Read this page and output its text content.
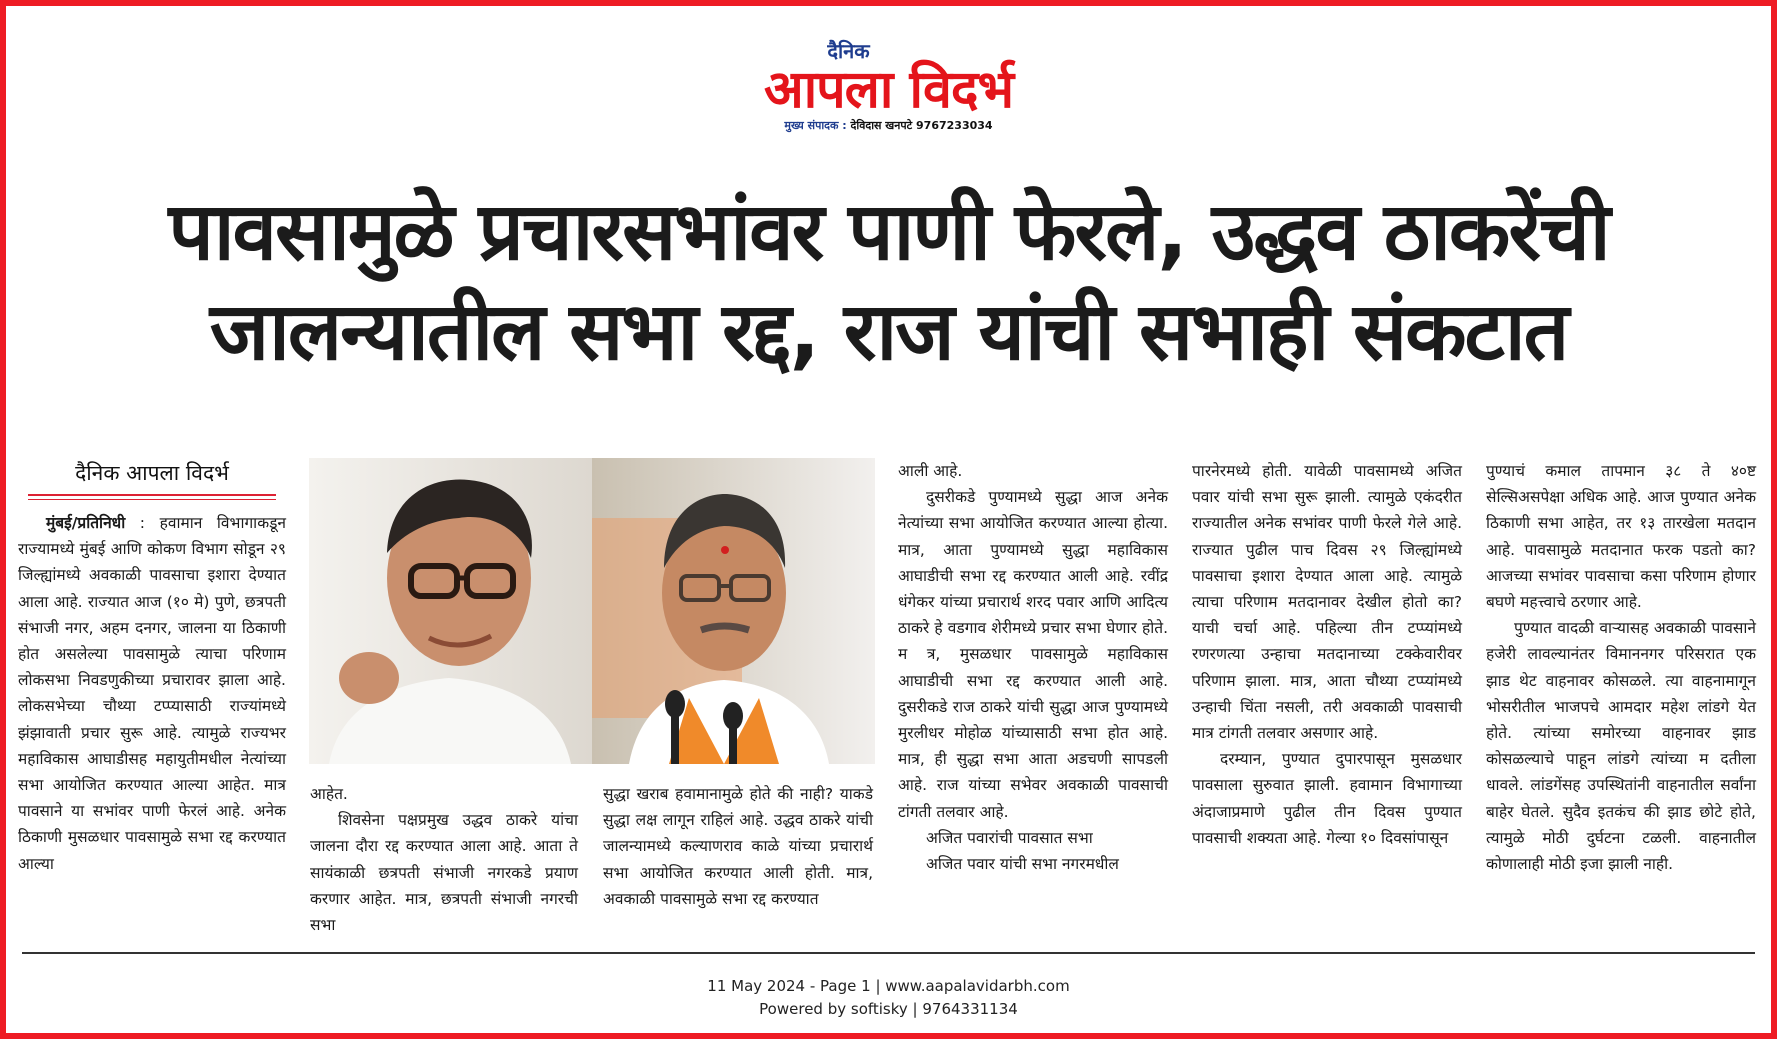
दैनिक
आपला विदर्भ
मुख्य संपादक : देविदास खनपटे 9767233034
पावसामुळे प्रचारसभांवर पाणी फेरले, उद्धव ठाकरेंची
जालन्यातील सभा रद्द, राज यांची सभाही संकटात
दैनिक आपला विदर्भ

मुंबई/प्रतिनिधी : हवामान विभागाकडून राज्यामध्ये मुंबई आणि कोकण विभाग सोडून २९ जिल्ह्यांमध्ये अवकाळी पावसाचा इशारा देण्यात आला आहे. राज्यात आज (१० मे) पुणे, छत्रपती संभाजी नगर, अहम दनगर, जालना या ठिकाणी होत असलेल्या पावसामुळे त्याचा परिणाम लोकसभा निवडणुकीच्या प्रचारावर झाला आहे. लोकसभेच्या चौथ्या टप्प्यासाठी राज्यांमध्ये झंझावाती प्रचार सुरू आहे. त्यामुळे राज्यभर महाविकास आघाडीसह महायुतीमधील नेत्यांच्या सभा आयोजित करण्यात आल्या आहेत. मात्र पावसाने या सभांवर पाणी फेरलं आहे. अनेक ठिकाणी मुसळधार पावसामुळे सभा रद्द करण्यात आल्या

आहेत.

शिवसेना पक्षप्रमुख उद्धव ठाकरे यांचा जालना दौरा रद्द करण्यात आला आहे. आता ते सायंकाळी छत्रपती संभाजी नगरकडे प्रयाण करणार आहेत. मात्र, छत्रपती संभाजी नगरची सभा

सुद्धा खराब हवामानामुळे होते की नाही? याकडे सुद्धा लक्ष लागून राहिलं आहे. उद्धव ठाकरे यांची जालन्यामध्ये कल्याणराव काळे यांच्या प्रचारार्थ सभा आयोजित करण्यात आली होती. मात्र, अवकाळी पावसामुळे सभा रद्द करण्यात

आली आहे.

दुसरीकडे पुण्यामध्ये सुद्धा आज अनेक नेत्यांच्या सभा आयोजित करण्यात आल्या होत्या. मात्र, आता पुण्यामध्ये सुद्धा महाविकास आघाडीची सभा रद्द करण्यात आली आहे. रवींद्र धंगेकर यांच्या प्रचारार्थ शरद पवार आणि आदित्य ठाकरे हे वडगाव शेरीमध्ये प्रचार सभा घेणार होते. म त्र, मुसळधार पावसामुळे महाविकास आघाडीची सभा रद्द करण्यात आली आहे. दुसरीकडे राज ठाकरे यांची सुद्धा आज पुण्यामध्ये मुरलीधर मोहोळ यांच्यासाठी सभा होत आहे. मात्र, ही सुद्धा सभा आता अडचणी सापडली आहे. राज यांच्या सभेवर अवकाळी पावसाची टांगती तलवार आहे.

अजित पवारांची पावसात सभा

अजित पवार यांची सभा नगरमधील

पारनेरमध्ये होती. यावेळी पावसामध्ये अजित पवार यांची सभा सुरू झाली. त्यामुळे एकंदरीत राज्यातील अनेक सभांवर पाणी फेरले गेले आहे. राज्यात पुढील पाच दिवस २९ जिल्ह्यांमध्ये पावसाचा इशारा देण्यात आला आहे. त्यामुळे त्याचा परिणाम मतदानावर देखील होतो का? याची चर्चा आहे. पहिल्या तीन टप्प्यांमध्ये रणरणत्या उन्हाचा मतदानाच्या टक्केवारीवर परिणाम झाला. मात्र, आता चौथ्या टप्प्यांमध्ये उन्हाची चिंता नसली, तरी अवकाळी पावसाची मात्र टांगती तलवार असणार आहे.

दरम्यान, पुण्यात दुपारपासून मुसळधार पावसाला सुरुवात झाली. हवामान विभागाच्या अंदाजाप्रमाणे पुढील तीन दिवस पुण्यात पावसाची शक्यता आहे. गेल्या १० दिवसांपासून

पुण्याचं कमाल तापमान ३८ ते ४०ष्ट सेल्सिअसपेक्षा अधिक आहे. आज पुण्यात अनेक ठिकाणी सभा आहेत, तर १३ तारखेला मतदान आहे. पावसामुळे मतदानात फरक पडतो का? आजच्या सभांवर पावसाचा कसा परिणाम होणार बघणे महत्त्वाचे ठरणार आहे.

पुण्यात वादळी वाऱ्यासह अवकाळी पावसाने हजेरी लावल्यानंतर विमाननगर परिसरात एक झाड थेट वाहनावर कोसळले. त्या वाहनामागून भोसरीतील भाजपचे आमदार महेश लांडगे येत होते. त्यांच्या समोरच्या वाहनावर झाड कोसळल्याचे पाहून लांडगे त्यांच्या म दतीला धावले. लांडगेंसह उपस्थितांनी वाहनातील सर्वांना बाहेर घेतले. सुदैव इतकंच की झाड छोटे होते, त्यामुळे मोठी दुर्घटना टळली. वाहनातील कोणालाही मोठी इजा झाली नाही.

11 May 2024 - Page 1 | www.aapalavidarbh.com
Powered by softisky | 9764331134
